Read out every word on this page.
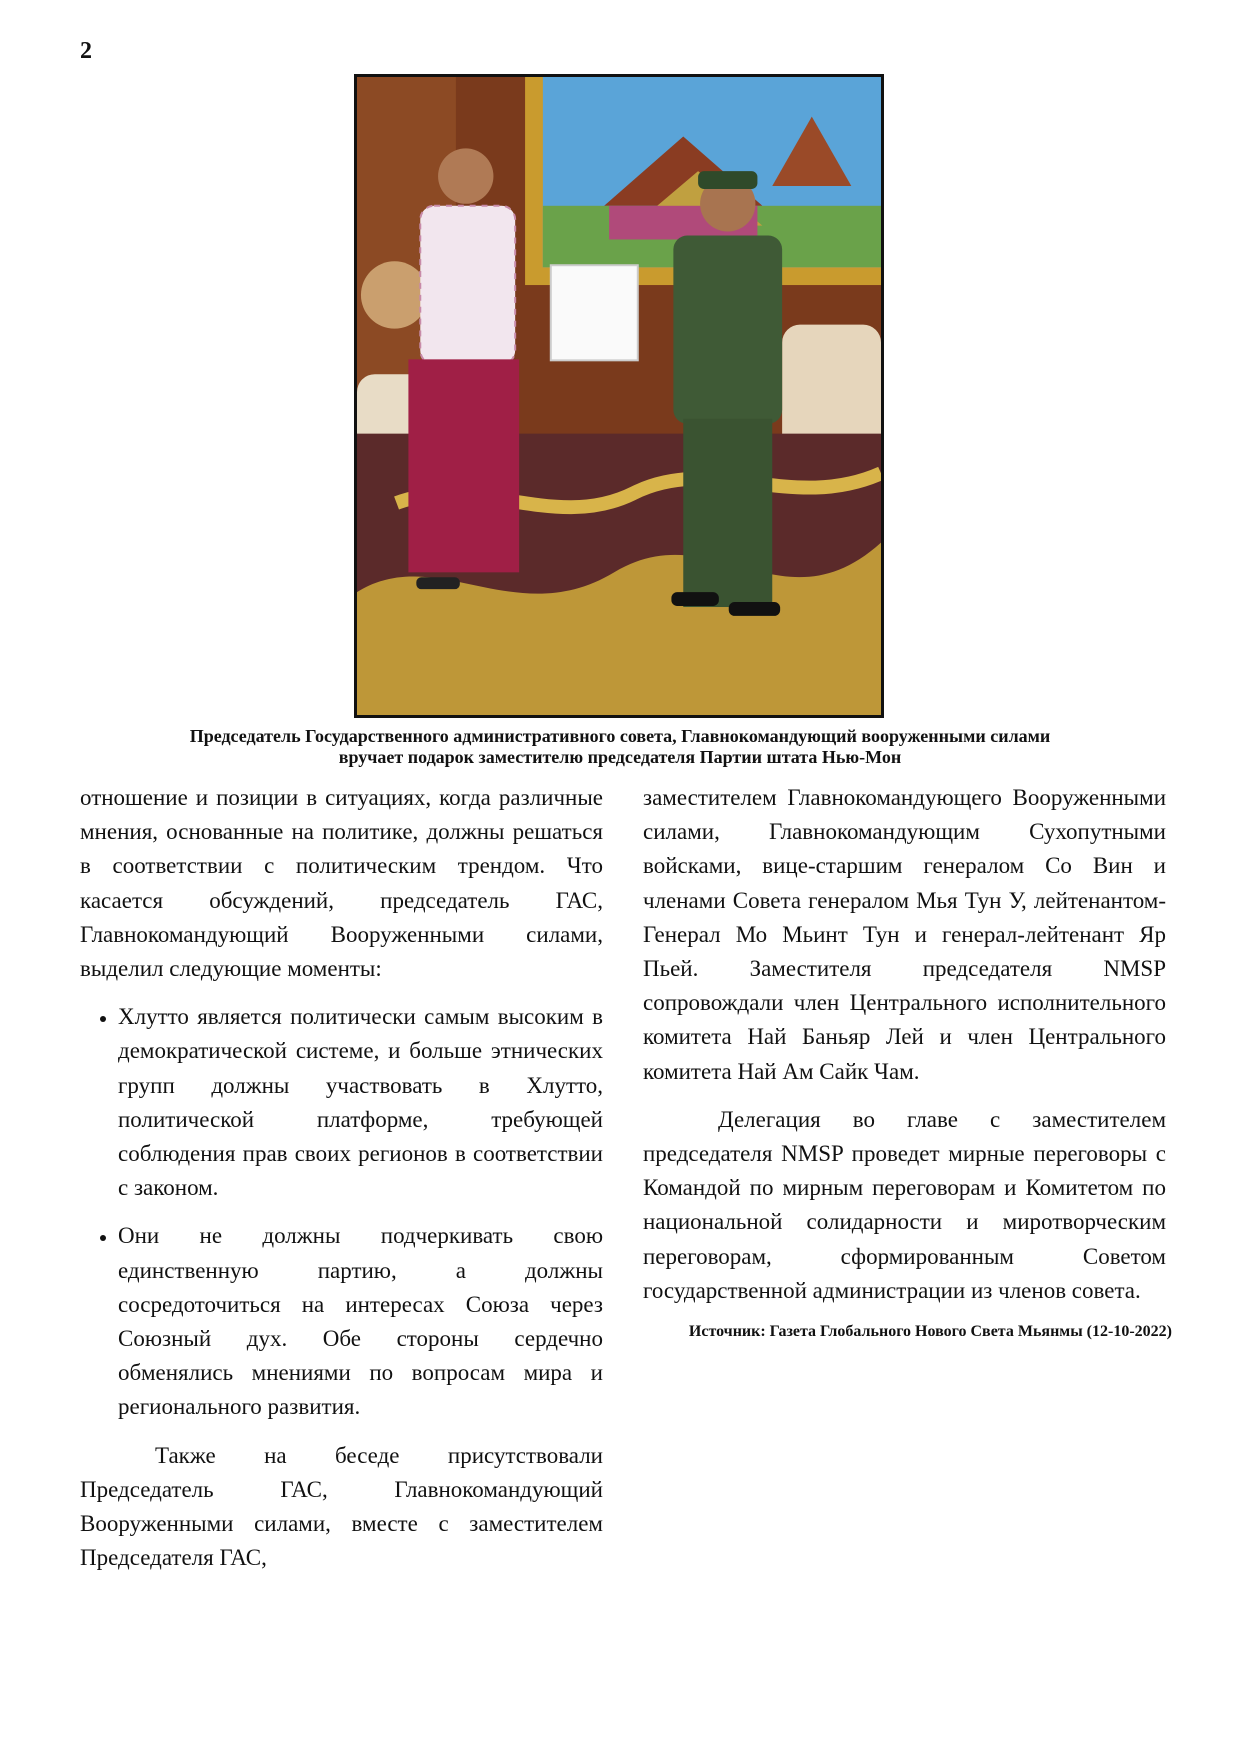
2
Председатель Государственного административного совета, Главнокомандующий вооруженными силами
вручает подарок заместителю председателя Партии штата Нью-Мон

отношение и позиции в ситуациях, когда различные мнения, основанные на политике, должны решаться в соответствии с политическим трендом. Что касается обсуждений, председатель ГАС, Главнокомандующий Вооруженными силами, выделил следующие моменты:

• Хлутто является политически самым высоким в демократической системе, и больше этнических групп должны участвовать в Хлутто, политической платформе, требующей соблюдения прав своих регионов в соответствии с законом.
• Они не должны подчеркивать свою единственную партию, а должны сосредоточиться на интересах Союза через Союзный дух. Обе стороны сердечно обменялись мнениями по вопросам мира и регионального развития.

Также на беседе присутствовали Председатель ГАС, Главнокомандующий Вооруженными силами, вместе с заместителем Председателя ГАС,

заместителем Главнокомандующего Вооруженными силами, Главнокомандующим Сухопутными войсками, вице-старшим генералом Со Вин и членами Совета генералом Мья Тун У, лейтенантом-Генерал Мо Мьинт Тун и генерал-лейтенант Яр Пьей. Заместителя председателя NMSP сопровождали член Центрального исполнительного комитета Най Баньяр Лей и член Центрального комитета Най Ам Сайк Чам.

Делегация во главе с заместителем председателя NMSP проведет мирные переговоры с Командой по мирным переговорам и Комитетом по национальной солидарности и миротворческим переговорам, сформированным Советом государственной администрации из членов совета.

Источник: Газета Глобального Нового Света Мьянмы (12-10-2022)
